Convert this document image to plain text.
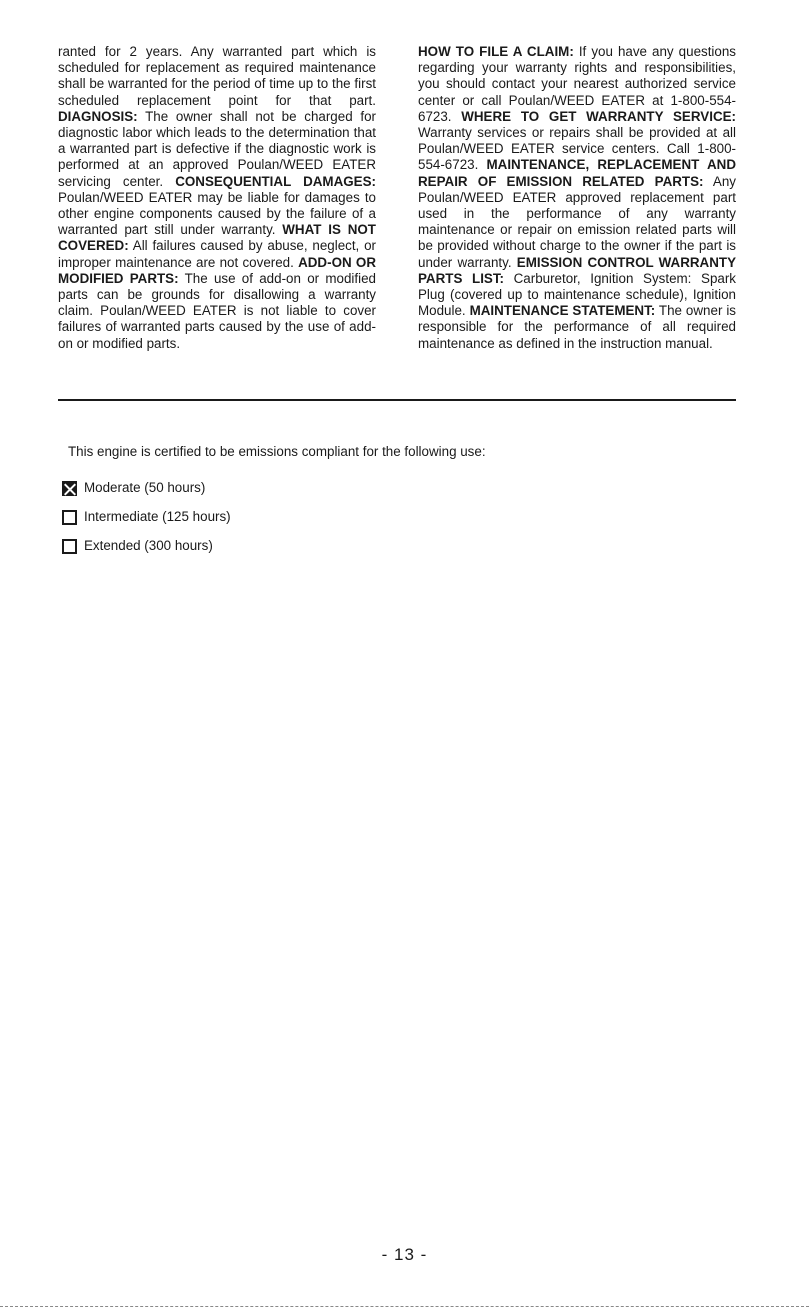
ranted for 2 years. Any warranted part which is scheduled for replacement as required maintenance shall be warranted for the period of time up to the first scheduled replacement point for that part. DIAGNOSIS: The owner shall not be charged for diagnostic labor which leads to the determination that a warranted part is defective if the diagnostic work is performed at an approved Poulan/WEED EATER servicing center. CONSEQUENTIAL DAMAGES: Poulan/WEED EATER may be liable for damages to other engine components caused by the failure of a warranted part still under warranty. WHAT IS NOT COVERED: All failures caused by abuse, neglect, or improper maintenance are not covered. ADD-ON OR MODIFIED PARTS: The use of add-on or modified parts can be grounds for disallowing a warranty claim. Poulan/WEED EATER is not liable to cover failures of warranted parts caused by the use of add-on or modified parts.
HOW TO FILE A CLAIM: If you have any questions regarding your warranty rights and responsibilities, you should contact your nearest authorized service center or call Poulan/WEED EATER at 1-800-554-6723. WHERE TO GET WARRANTY SERVICE: Warranty services or repairs shall be provided at all Poulan/WEED EATER service centers. Call 1-800-554-6723. MAINTENANCE, REPLACEMENT AND REPAIR OF EMISSION RELATED PARTS: Any Poulan/WEED EATER approved replacement part used in the performance of any warranty maintenance or repair on emission related parts will be provided without charge to the owner if the part is under warranty. EMISSION CONTROL WARRANTY PARTS LIST: Carburetor, Ignition System: Spark Plug (covered up to maintenance schedule), Ignition Module. MAINTENANCE STATEMENT: The owner is responsible for the performance of all required maintenance as defined in the instruction manual.
This engine is certified to be emissions compliant for the following use:
Moderate (50 hours)
Intermediate (125 hours)
Extended (300 hours)
- 13 -
